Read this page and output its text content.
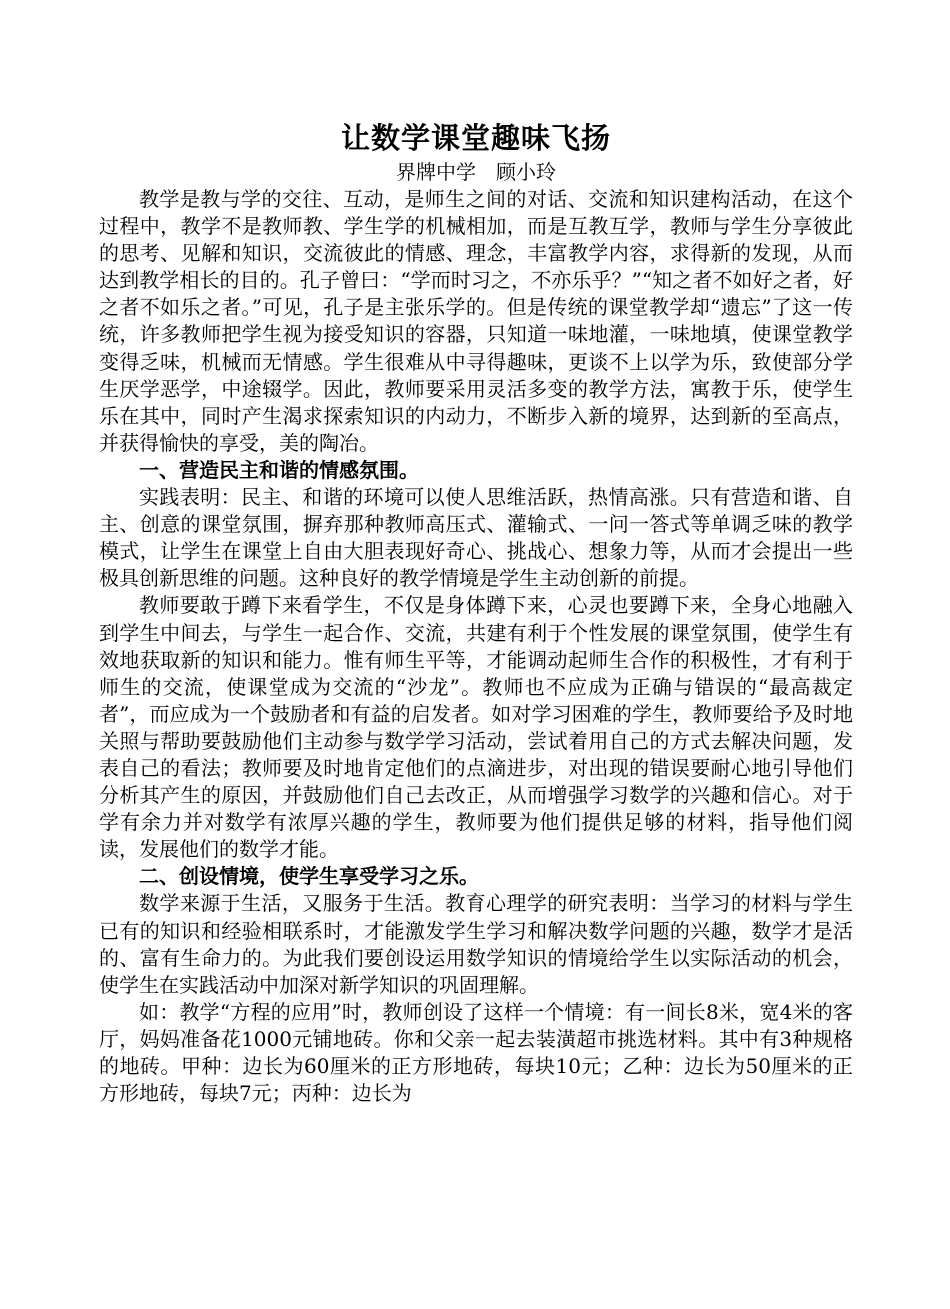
让数学课堂趣味飞扬

界牌中学　顾小玲

教学是教与学的交往、互动，是师生之间的对话、交流和知识建构活动，在这个过程中，教学不是教师教、学生学的机械相加，而是互教互学，教师与学生分享彼此的思考、见解和知识，交流彼此的情感、理念，丰富教学内容，求得新的发现，从而达到教学相长的目的。孔子曾曰：“学而时习之，不亦乐乎？”“知之者不如好之者，好之者不如乐之者。”可见，孔子是主张乐学的。但是传统的课堂教学却“遗忘”了这一传统，许多教师把学生视为接受知识的容器，只知道一味地灌，一味地填，使课堂教学变得乏味，机械而无情感。学生很难从中寻得趣味，更谈不上以学为乐，致使部分学生厌学恶学，中途辍学。因此，教师要采用灵活多变的教学方法，寓教于乐，使学生乐在其中，同时产生渴求探索知识的内动力，不断步入新的境界，达到新的至高点，并获得愉快的享受，美的陶冶。

一、营造民主和谐的情感氛围。

实践表明：民主、和谐的环境可以使人思维活跃，热情高涨。只有营造和谐、自主、创意的课堂氛围，摒弃那种教师高压式、灌输式、一问一答式等单调乏味的教学模式，让学生在课堂上自由大胆表现好奇心、挑战心、想象力等，从而才会提出一些极具创新思维的问题。这种良好的教学情境是学生主动创新的前提。

教师要敢于蹲下来看学生，不仅是身体蹲下来，心灵也要蹲下来，全身心地融入到学生中间去，与学生一起合作、交流，共建有利于个性发展的课堂氛围，使学生有效地获取新的知识和能力。惟有师生平等，才能调动起师生合作的积极性，才有利于师生的交流，使课堂成为交流的“沙龙”。教师也不应成为正确与错误的“最高裁定者”，而应成为一个鼓励者和有益的启发者。如对学习困难的学生，教师要给予及时地关照与帮助要鼓励他们主动参与数学学习活动，尝试着用自己的方式去解决问题，发表自己的看法；教师要及时地肯定他们的点滴进步，对出现的错误要耐心地引导他们分析其产生的原因，并鼓励他们自己去改正，从而增强学习数学的兴趣和信心。对于学有余力并对数学有浓厚兴趣的学生，教师要为他们提供足够的材料，指导他们阅读，发展他们的数学才能。

二、创设情境，使学生享受学习之乐。

数学来源于生活，又服务于生活。教育心理学的研究表明：当学习的材料与学生已有的知识和经验相联系时，才能激发学生学习和解决数学问题的兴趣，数学才是活的、富有生命力的。为此我们要创设运用数学知识的情境给学生以实际活动的机会，使学生在实践活动中加深对新学知识的巩固理解。

如：教学“方程的应用”时，教师创设了这样一个情境：有一间长8米，宽4米的客厅，妈妈准备花1000元铺地砖。你和父亲一起去装潢超市挑选材料。其中有3种规格的地砖。甲种：边长为60厘米的正方形地砖，每块10元；乙种：边长为50厘米的正方形地砖，每块7元；丙种：边长为
